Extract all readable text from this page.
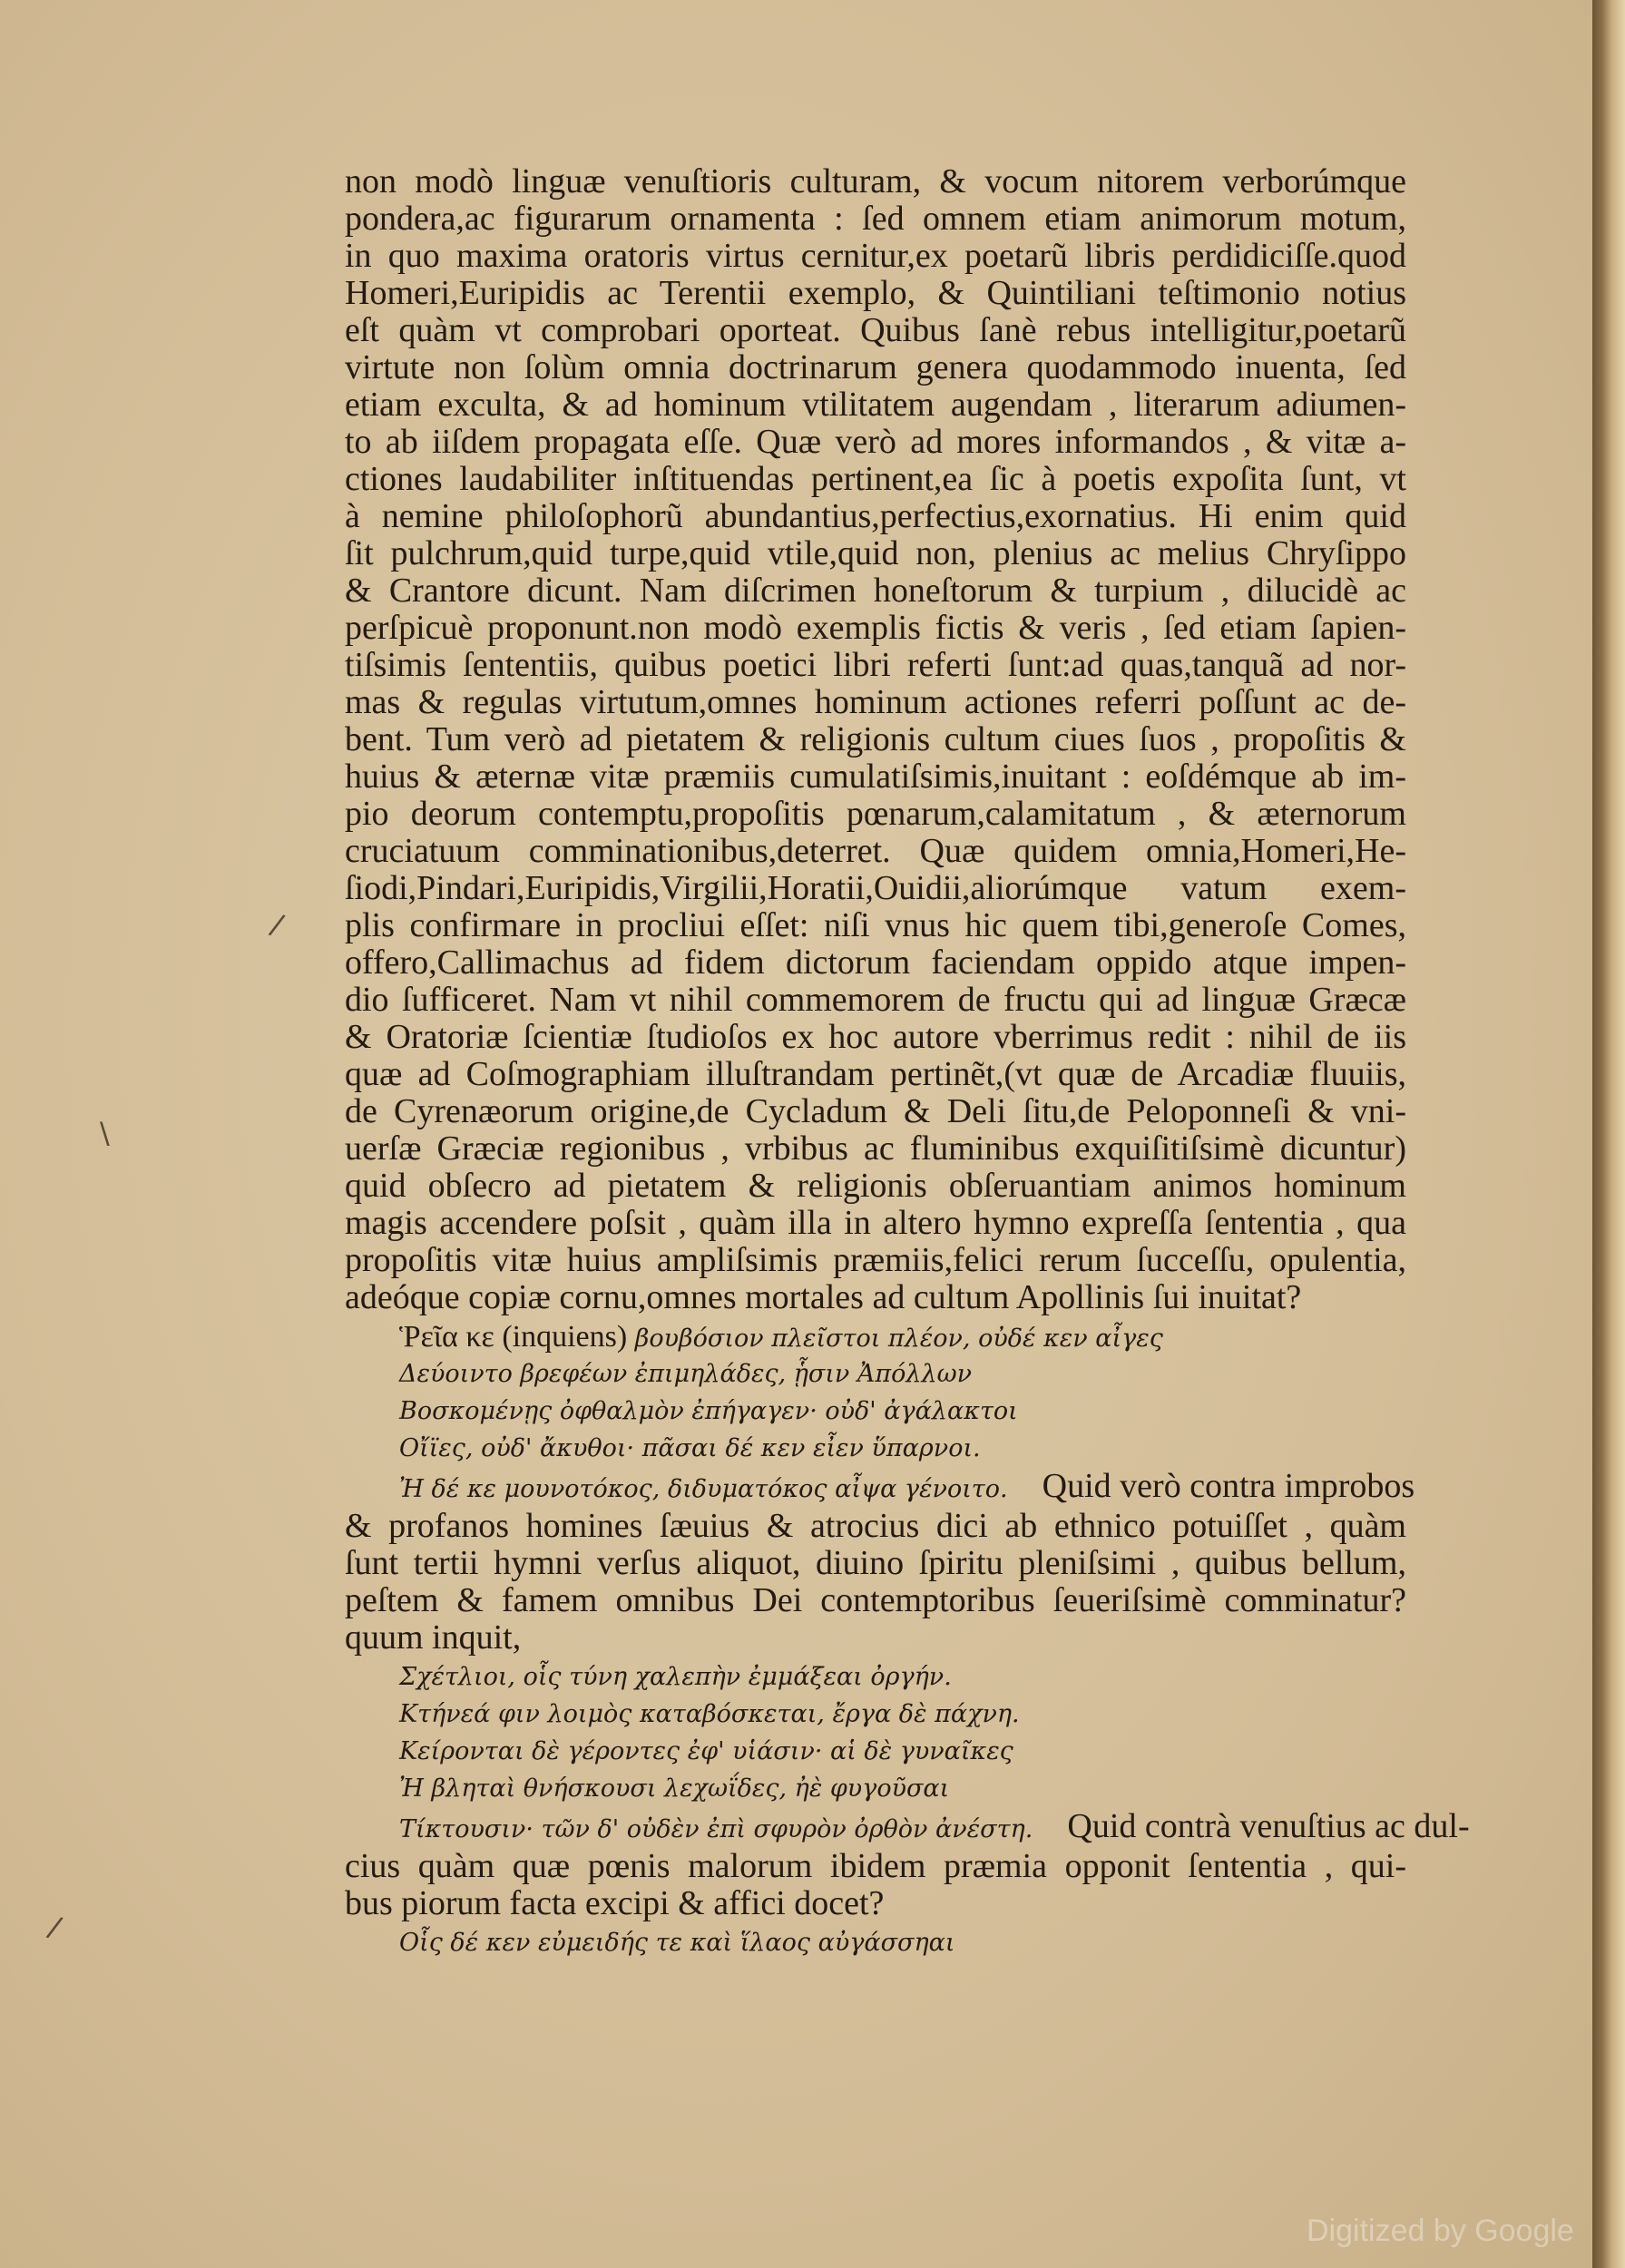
/
\
/
non modò linguæ venuſtioris culturam, & vocum nitorem verborúmque
pondera,ac figurarum ornamenta : ſed omnem etiam animorum motum,
in quo maxima oratoris virtus cernitur,ex poetarũ libris perdidiciſſe.quod
Homeri,Euripidis ac Terentii exemplo, & Quintiliani teſtimonio notius
eſt quàm vt comprobari oporteat. Quibus ſanè rebus intelligitur,poetarũ
virtute non ſolùm omnia doctrinarum genera quodammodo inuenta, ſed
etiam exculta, & ad hominum vtilitatem augendam , literarum adiumen-
to ab iiſdem propagata eſſe. Quæ verò ad mores informandos , & vitæ a-
ctiones laudabiliter inſtituendas pertinent,ea ſic à poetis expoſita ſunt, vt
à nemine philoſophorũ abundantius,perfectius,exornatius. Hi enim quid
ſit pulchrum,quid turpe,quid vtile,quid non, plenius ac melius Chryſippo
& Crantore dicunt. Nam diſcrimen honeſtorum & turpium , dilucidè ac
perſpicuè proponunt.non modò exemplis fictis & veris , ſed etiam ſapien-
tiſsimis ſententiis, quibus poetici libri referti ſunt:ad quas,tanquã ad nor-
mas & regulas virtutum,omnes hominum actiones referri poſſunt ac de-
bent. Tum verò ad pietatem & religionis cultum ciues ſuos , propoſitis &
huius & æternæ vitæ præmiis cumulatiſsimis,inuitant : eoſdémque ab im-
pio deorum contemptu,propoſitis pœnarum,calamitatum , & æternorum
cruciatuum comminationibus,deterret. Quæ quidem omnia,Homeri,He-
ſiodi,Pindari,Euripidis,Virgilii,Horatii,Ouidii,aliorúmque vatum exem-
plis confirmare in procliui eſſet: niſi vnus hic quem tibi,generoſe Comes,
offero,Callimachus ad fidem dictorum faciendam oppido atque impen-
dio ſufficeret. Nam vt nihil commemorem de fructu qui ad linguæ Græcæ
& Oratoriæ ſcientiæ ſtudioſos ex hoc autore vberrimus redit : nihil de iis
quæ ad Coſmographiam illuſtrandam pertinẽt,(vt quæ de Arcadiæ fluuiis,
de Cyrenæorum origine,de Cycladum & Deli ſitu,de Peloponneſi & vni-
uerſæ Græciæ regionibus , vrbibus ac fluminibus exquiſitiſsimè dicuntur)
quid obſecro ad pietatem & religionis obſeruantiam animos hominum
magis accendere poſsit , quàm illa in altero hymno expreſſa ſententia , qua
propoſitis vitæ huius ampliſsimis præmiis,felici rerum ſucceſſu, opulentia,
adeóque copiæ cornu,omnes mortales ad cultum Apollinis ſui inuitat?
Ῥεῖα κε (inquiens) βουβόσιον πλεῖστοι πλέον, οὐδέ κεν αἶγες
Δεύοιντο βρεφέων ἐπιμηλάδες, ᾗσιν Ἀπόλλων
Βοσκομένῃς ὀφθαλμὸν ἐπήγαγεν· οὐδ' ἀγάλακτοι
Οἴϊες, οὐδ' ἄκυθοι· πᾶσαι δέ κεν εἶεν ὕπαρνοι.
Ἠ δέ κε μουνοτόκος, διδυματόκος αἶψα γένοιτο. Quid verò contra improbos
& profanos homines ſæuius & atrocius dici ab ethnico potuiſſet , quàm
ſunt tertii hymni verſus aliquot, diuino ſpiritu pleniſsimi , quibus bellum,
peſtem & famem omnibus Dei contemptoribus ſeueriſsimè comminatur?
quum inquit,
Σχέτλιοι, οἷς τύνη χαλεπὴν ἐμμάξεαι ὀργήν.
Κτήνεά φιν λοιμὸς καταβόσκεται, ἔργα δὲ πάχνη.
Κείρονται δὲ γέροντες ἐφ' υἱάσιν· αἱ δὲ γυναῖκες
Ἠ βληταὶ θνήσκουσι λεχωΐδες, ἠὲ φυγοῦσαι
Τίκτουσιν· τῶν δ' οὐδὲν ἐπὶ σφυρὸν ὀρθὸν ἀνέστη. Quid contrà venuſtius ac dul-
cius quàm quæ pœnis malorum ibidem præmia opponit ſententia , qui-
bus piorum facta excipi & affici docet?
Οἷς δέ κεν εὐμειδής τε καὶ ἵλαος αὐγάσσηαι
Digitized by Google
